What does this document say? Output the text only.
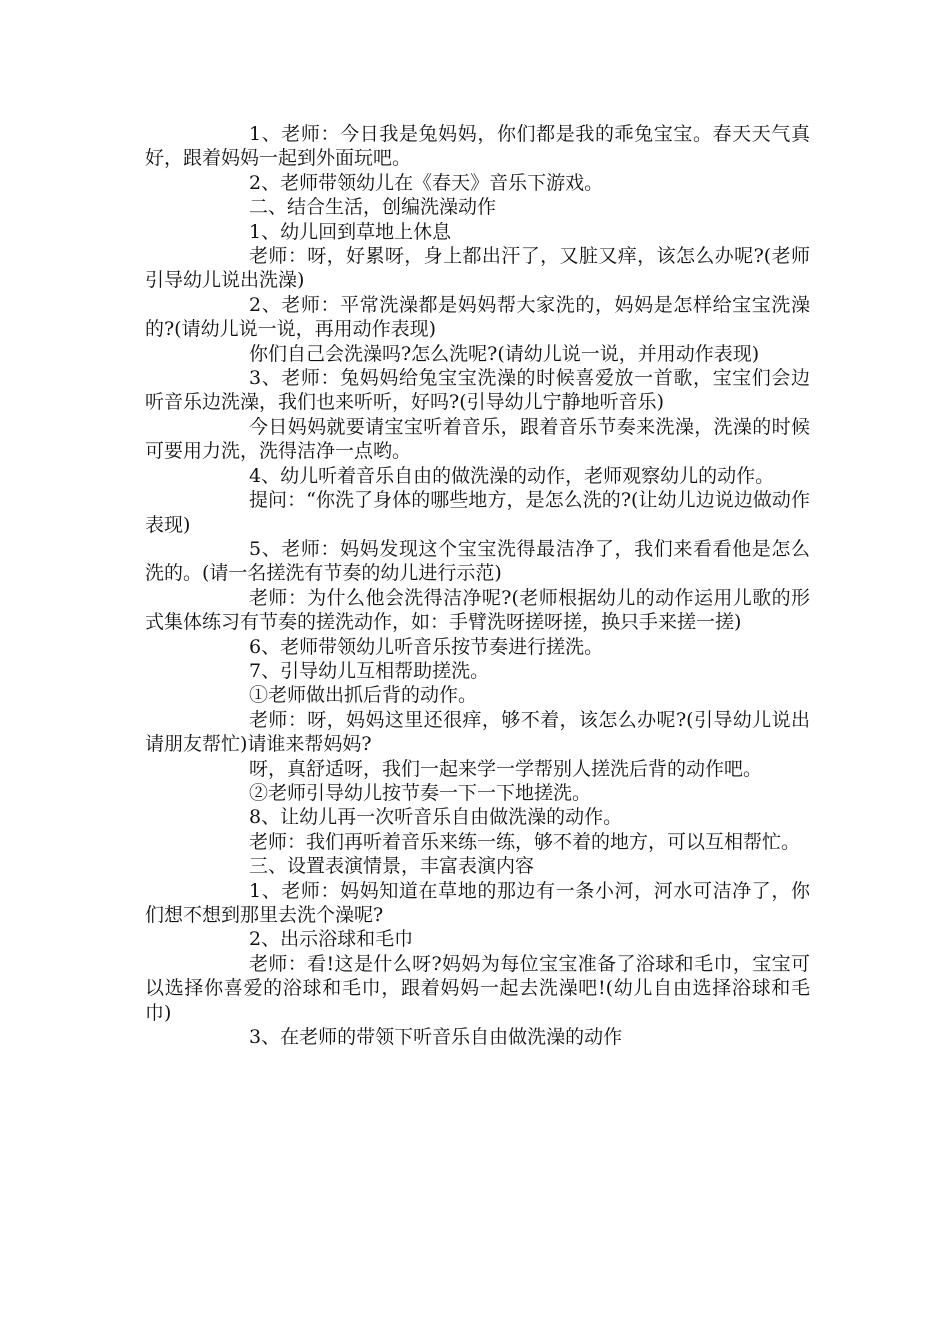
1、老师：今日我是兔妈妈，你们都是我的乖兔宝宝。春天天气真好，跟着妈妈一起到外面玩吧。

2、老师带领幼儿在《春天》音乐下游戏。

二、结合生活，创编洗澡动作

1、幼儿回到草地上休息

老师：呀，好累呀，身上都出汗了，又脏又痒，该怎么办呢?(老师引导幼儿说出洗澡)

2、老师：平常洗澡都是妈妈帮大家洗的，妈妈是怎样给宝宝洗澡的?(请幼儿说一说，再用动作表现)

你们自己会洗澡吗?怎么洗呢?(请幼儿说一说，并用动作表现)

3、老师：兔妈妈给兔宝宝洗澡的时候喜爱放一首歌，宝宝们会边听音乐边洗澡，我们也来听听，好吗?(引导幼儿宁静地听音乐)

今日妈妈就要请宝宝听着音乐，跟着音乐节奏来洗澡，洗澡的时候可要用力洗，洗得洁净一点哟。

4、幼儿听着音乐自由的做洗澡的动作，老师观察幼儿的动作。

提问：“你洗了身体的哪些地方，是怎么洗的?(让幼儿边说边做动作表现)

5、老师：妈妈发现这个宝宝洗得最洁净了，我们来看看他是怎么洗的。(请一名搓洗有节奏的幼儿进行示范)

老师：为什么他会洗得洁净呢?(老师根据幼儿的动作运用儿歌的形式集体练习有节奏的搓洗动作，如：手臂洗呀搓呀搓，换只手来搓一搓)

6、老师带领幼儿听音乐按节奏进行搓洗。

7、引导幼儿互相帮助搓洗。

①老师做出抓后背的动作。

老师：呀，妈妈这里还很痒，够不着，该怎么办呢?(引导幼儿说出请朋友帮忙)请谁来帮妈妈?

呀，真舒适呀，我们一起来学一学帮别人搓洗后背的动作吧。

②老师引导幼儿按节奏一下一下地搓洗。

8、让幼儿再一次听音乐自由做洗澡的动作。

老师：我们再听着音乐来练一练，够不着的地方，可以互相帮忙。

三、设置表演情景，丰富表演内容

1、老师：妈妈知道在草地的那边有一条小河，河水可洁净了，你们想不想到那里去洗个澡呢?

2、出示浴球和毛巾

老师：看!这是什么呀?妈妈为每位宝宝准备了浴球和毛巾，宝宝可以选择你喜爱的浴球和毛巾，跟着妈妈一起去洗澡吧!(幼儿自由选择浴球和毛巾)

3、在老师的带领下听音乐自由做洗澡的动作
